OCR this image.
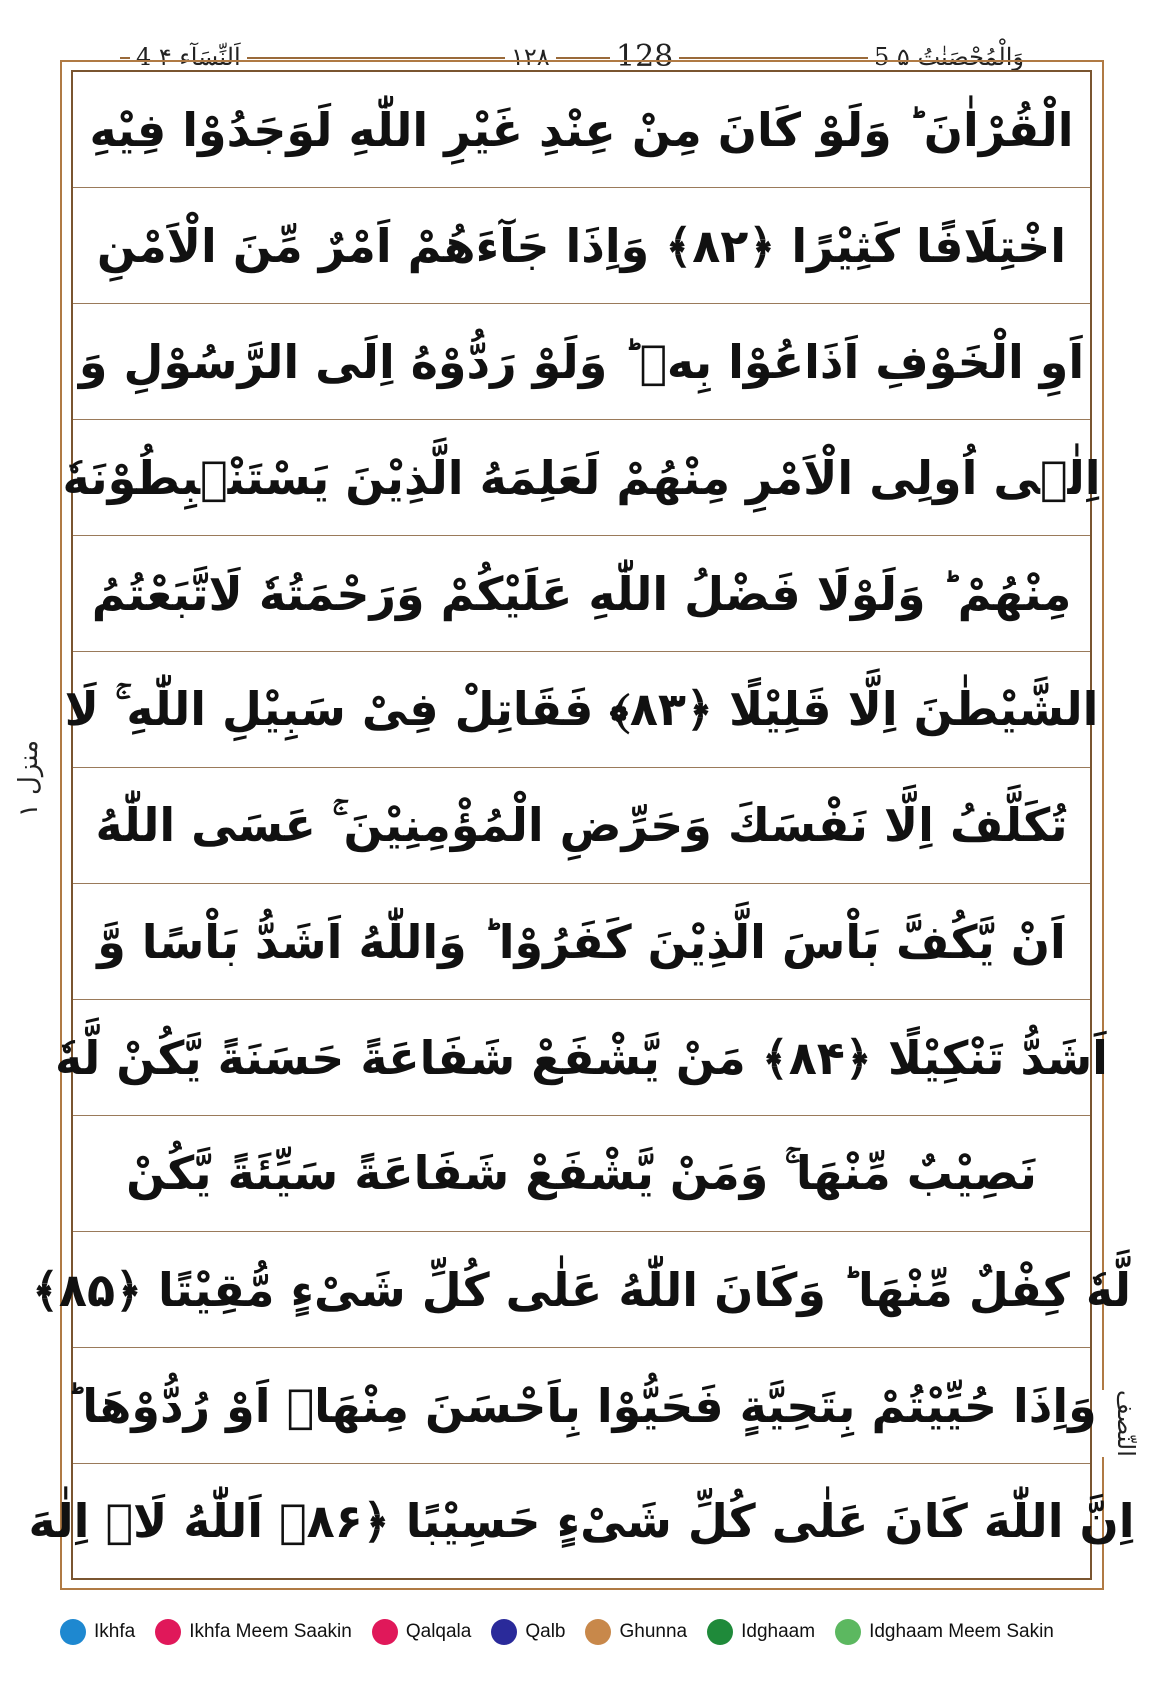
4 اَلنِّسَآء ۴	۱۲۸ 128	5 وَالْمُحْصَنٰتُ ۵
الْقُرْاٰنَ ؕ وَلَوْ كَانَ مِنْ عِنْدِ غَيْرِ اللّٰهِ لَوَجَدُوْا فِيْهِ
اخْتِلَافًا كَثِيْرًا ﴿۸۲﴾ وَاِذَا جَآءَهُمْ اَمْرٌ مِّنَ الْاَمْنِ
اَوِ الْخَوْفِ اَذَاعُوْا بِهٖ ؕ وَلَوْ رَدُّوْهُ اِلَى الرَّسُوْلِ وَ
اِلٰۤى اُولِى الْاَمْرِ مِنْهُمْ لَعَلِمَهُ الَّذِيْنَ يَسْتَنْۢبِطُوْنَهٗ
مِنْهُمْ ؕ وَلَوْلَا فَضْلُ اللّٰهِ عَلَيْكُمْ وَرَحْمَتُهٗ لَاتَّبَعْتُمُ
الشَّيْطٰنَ اِلَّا قَلِيْلًا ﴿۸۳﴾ فَقَاتِلْ فِىْ سَبِيْلِ اللّٰهِ ۚ لَا
تُكَلَّفُ اِلَّا نَفْسَكَ وَحَرِّضِ الْمُؤْمِنِيْنَ ۚ عَسَى اللّٰهُ
اَنْ يَّكُفَّ بَاْسَ الَّذِيْنَ كَفَرُوْا ؕ وَاللّٰهُ اَشَدُّ بَاْسًا وَّ
اَشَدُّ تَنْكِيْلًا ﴿۸۴﴾ مَنْ يَّشْفَعْ شَفَاعَةً حَسَنَةً يَّكُنْ لَّهٗ
نَصِيْبٌ مِّنْهَا ۚ وَمَنْ يَّشْفَعْ شَفَاعَةً سَيِّئَةً يَّكُنْ
لَّهٗ كِفْلٌ مِّنْهَا ؕ وَكَانَ اللّٰهُ عَلٰى كُلِّ شَىْءٍ مُّقِيْتًا ﴿۸۵﴾
وَاِذَا حُيِّيْتُمْ بِتَحِيَّةٍ فَحَيُّوْا بِاَحْسَنَ مِنْهَاۤ اَوْ رُدُّوْهَا ؕ
اِنَّ اللّٰهَ كَانَ عَلٰى كُلِّ شَىْءٍ حَسِيْبًا ﴿۸۶﴾ اَللّٰهُ لَاۤ اِلٰهَ
منزل ۱
النّصف
Ikhfa	Ikhfa Meem Saakin	Qalqala	Qalb	Ghunna	Idghaam	Idghaam Meem Sakin
